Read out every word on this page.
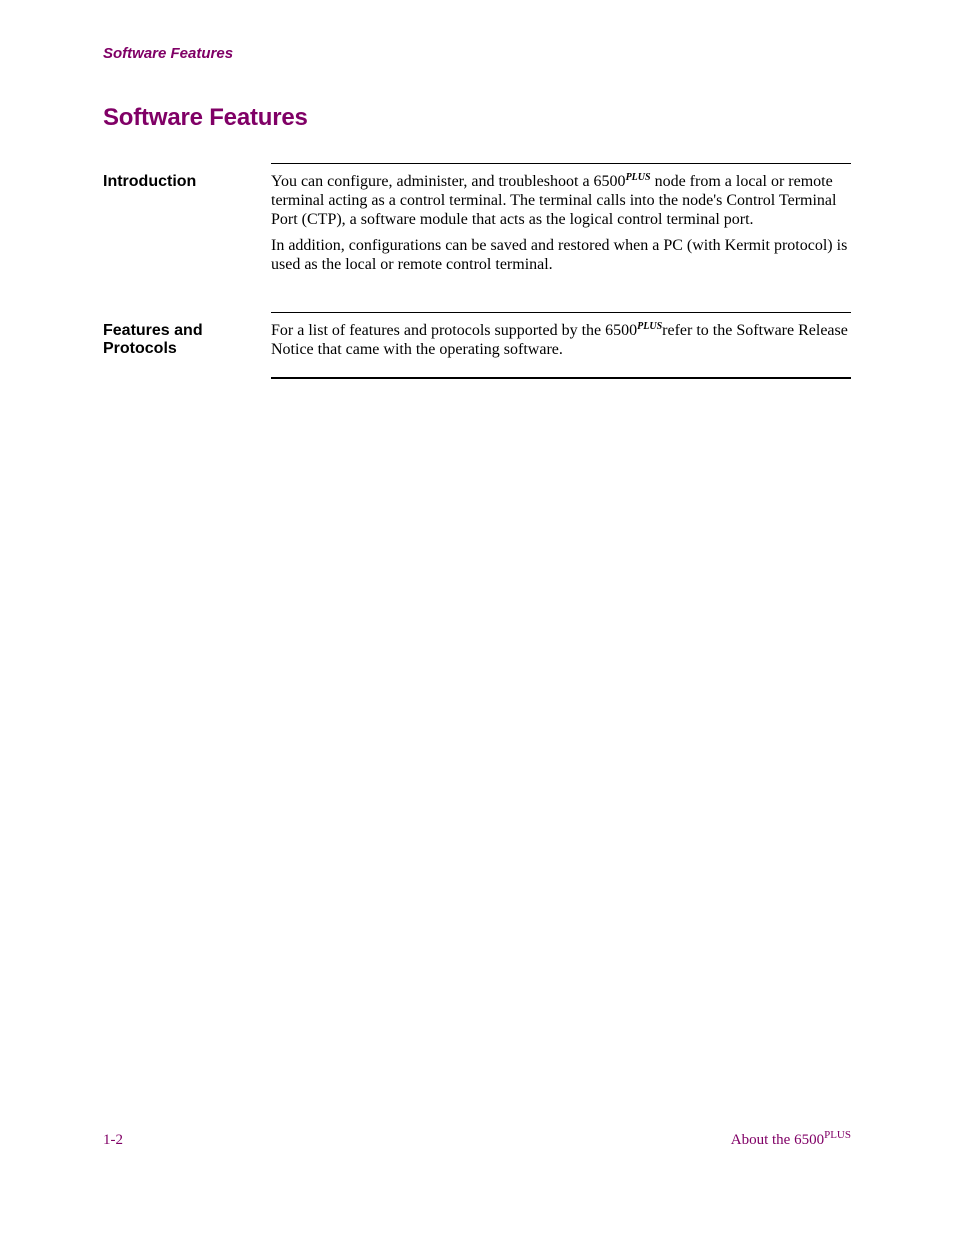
Software Features
Software Features
Introduction	You can configure, administer, and troubleshoot a $6500^{PLUS}$ node from a local or remote terminal acting as a control terminal. The terminal calls into the node's Control Terminal Port (CTP), a software module that acts as the logical control terminal port.

In addition, configurations can be saved and restored when a PC (with Kermit protocol) is used as the local or remote control terminal.

Features and
Protocols

For a list of features and protocols supported by the $6500^{PLUS}refer$ to the Software Release Notice that came with the operating software.

1-2	About the $6500^{PLUS}$
